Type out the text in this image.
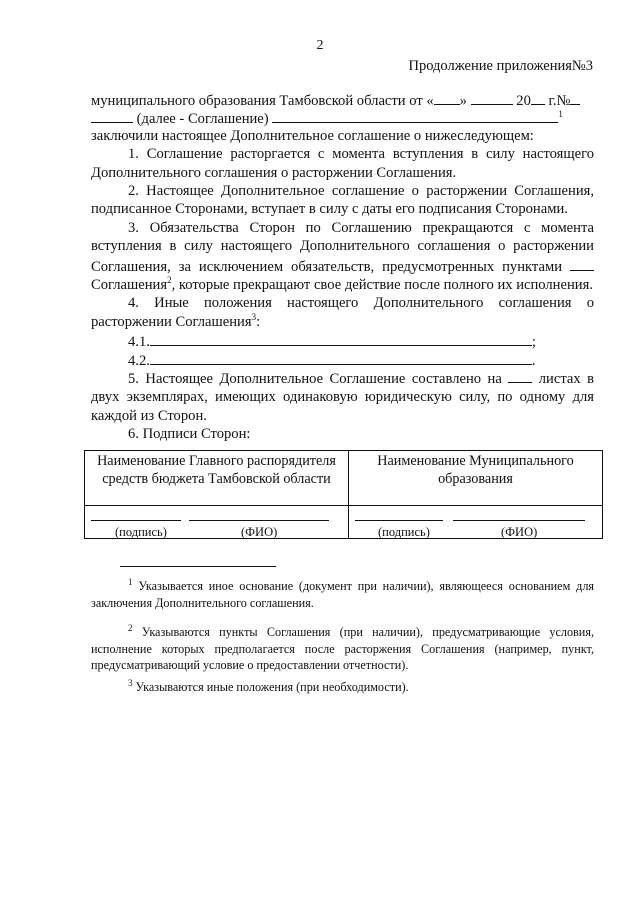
2
Продолжение приложения№3
муниципального образования Тамбовской области от « »	20 г.№
(далее - Соглашение)	$^1$

заключили настоящее Дополнительное соглашение о нижеследующем:

1. Соглашение расторгается с момента вступления в силу настоящего Дополнительного соглашения о расторжении Соглашения.

2. Настоящее Дополнительное соглашение о расторжении Соглашения, подписанное Сторонами, вступает в силу с даты его подписания Сторонами.

3. Обязательства Сторон по Соглашению прекращаются с момента вступления в силу настоящего Дополнительного соглашения о расторжении Соглашения, за исключением обязательств, предусмотренных пунктами  Соглашения$^2$, которые прекращают свое действие после полного их исполнения.

4. Иные положения настоящего Дополнительного соглашения о расторжении Соглашения$^3$:

4.1.	;
4.2.	.

5. Настоящее Дополнительное Соглашение составлено на	листах в двух экземплярах, имеющих одинаковую юридическую силу, по одному для каждой из Сторон.

6. Подписи Сторон:

Наименование Главного распорядителя средств бюджета Тамбовской области	Наименование Муниципального образования

(подпись) (ФИО)	(подпись) (ФИО)
$^1$ Указывается иное основание (документ при наличии), являющееся основанием для заключения Дополнительного соглашения.
$^2$ Указываются пункты Соглашения (при наличии), предусматривающие условия, исполнение которых предполагается после расторжения Соглашения (например, пункт, предусматривающий условие о предоставлении отчетности).
$^3$ Указываются иные положения (при необходимости).
